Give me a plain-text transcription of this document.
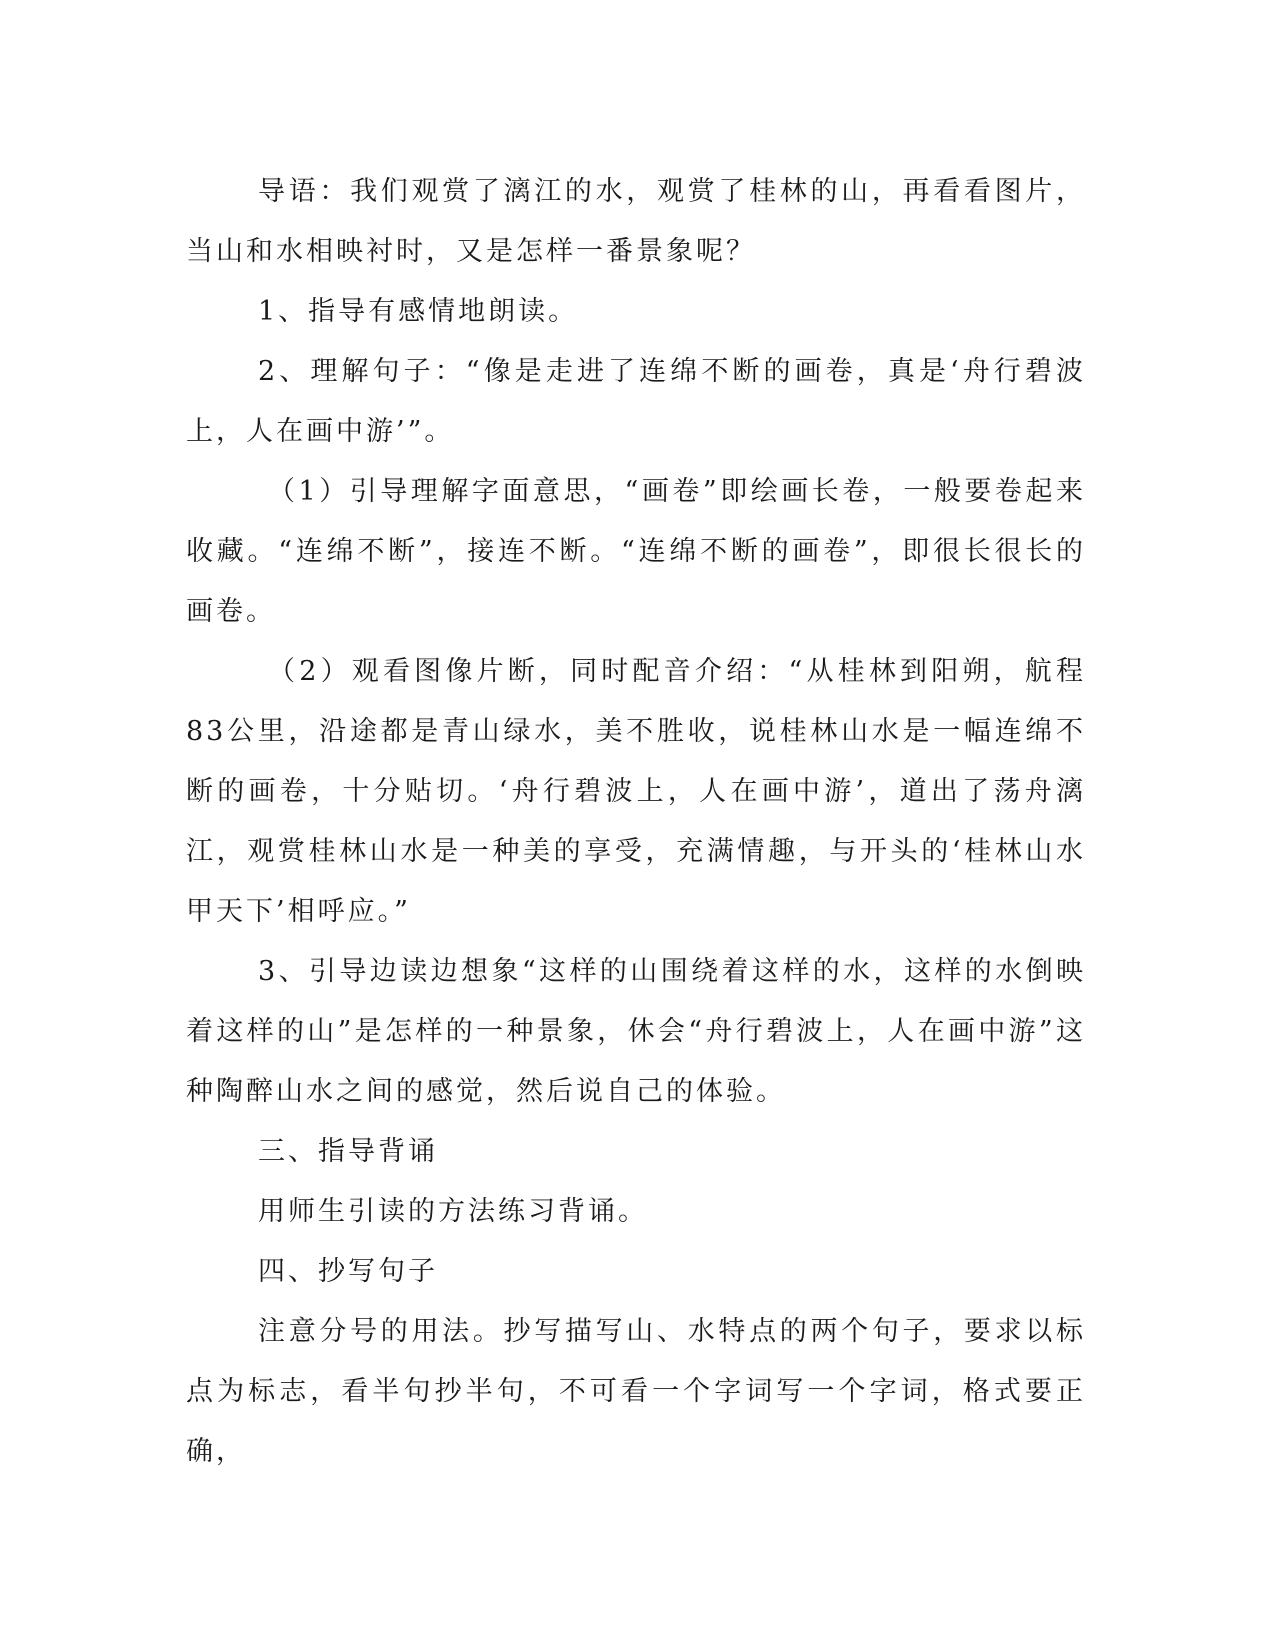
导语：我们观赏了漓江的水，观赏了桂林的山，再看看图片，当山和水相映衬时，又是怎样一番景象呢？

1、指导有感情地朗读。

2、理解句子：“像是走进了连绵不断的画卷，真是‘舟行碧波上，人在画中游’”。

（1）引导理解字面意思，“画卷”即绘画长卷，一般要卷起来收藏。“连绵不断”，接连不断。“连绵不断的画卷”，即很长很长的画卷。

（2）观看图像片断，同时配音介绍：“从桂林到阳朔，航程83公里，沿途都是青山绿水，美不胜收，说桂林山水是一幅连绵不断的画卷，十分贴切。‘舟行碧波上，人在画中游’，道出了荡舟漓江，观赏桂林山水是一种美的享受，充满情趣，与开头的‘桂林山水甲天下’相呼应。”

3、引导边读边想象“这样的山围绕着这样的水，这样的水倒映着这样的山”是怎样的一种景象，休会“舟行碧波上，人在画中游”这种陶醉山水之间的感觉，然后说自己的体验。

三、指导背诵

用师生引读的方法练习背诵。

四、抄写句子

注意分号的用法。抄写描写山、水特点的两个句子，要求以标点为标志，看半句抄半句，不可看一个字词写一个字词，格式要正确，
